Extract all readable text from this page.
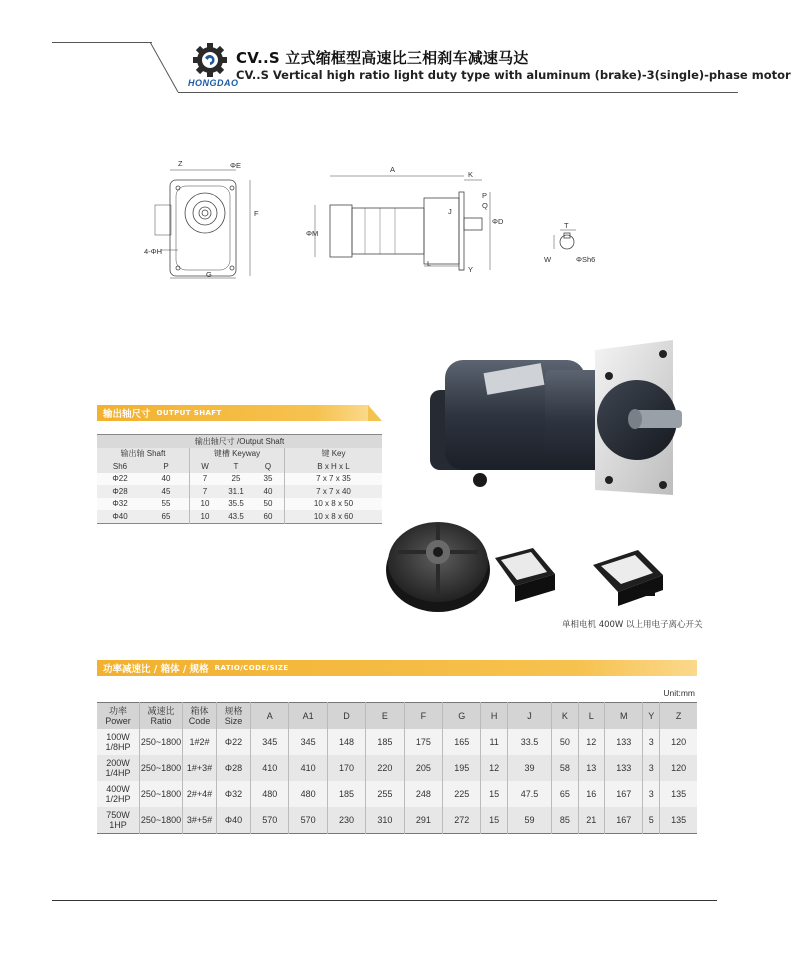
HONGDAO
CV..S 立式缩框型高速比三相刹车减速马达
CV..S Vertical high ratio light duty type with aluminum (brake)-3(single)-phase motor
Z	ΦE
F
4-ΦH
G
A
K
P
Q
ΦD
ΦM
J
L
Y
T
W	ΦSh6
单相电机 400W 以上用电子离心开关
输出轴尺寸 OUTPUT SHAFT
输出轴尺寸 /Output Shaft					
输出轴 Shaft		键槽 Keyway			键 Key
Sh6	P	W	T	Q	B x H x L
Φ22	40	7	25	35	7 x 7 x 35
Φ28	45	7	31.1	40	7 x 7 x 40
Φ32	55	10	35.5	50	10 x 8 x 50
Φ40	65	10	43.5	60	10 x 8 x 60
功率减速比 / 箱体 / 规格 RATIO/CODE/SIZE
Unit:mm
功率
Power	减速比
Ratio	箱体
Code	规格
Size	A	A1	D	E	F	G	H	J	K	L	M	Y	Z
100W
1/8HP	250~1800	1#2#	Φ22	345	345	148	185	175	165	11	33.5	50	12	133	3	120
200W
1/4HP	250~1800	1#+3#	Φ28	410	410	170	220	205	195	12	39	58	13	133	3	120
400W
1/2HP	250~1800	2#+4#	Φ32	480	480	185	255	248	225	15	47.5	65	16	167	3	135
750W
1HP	250~1800	3#+5#	Φ40	570	570	230	310	291	272	15	59	85	21	167	5	135
